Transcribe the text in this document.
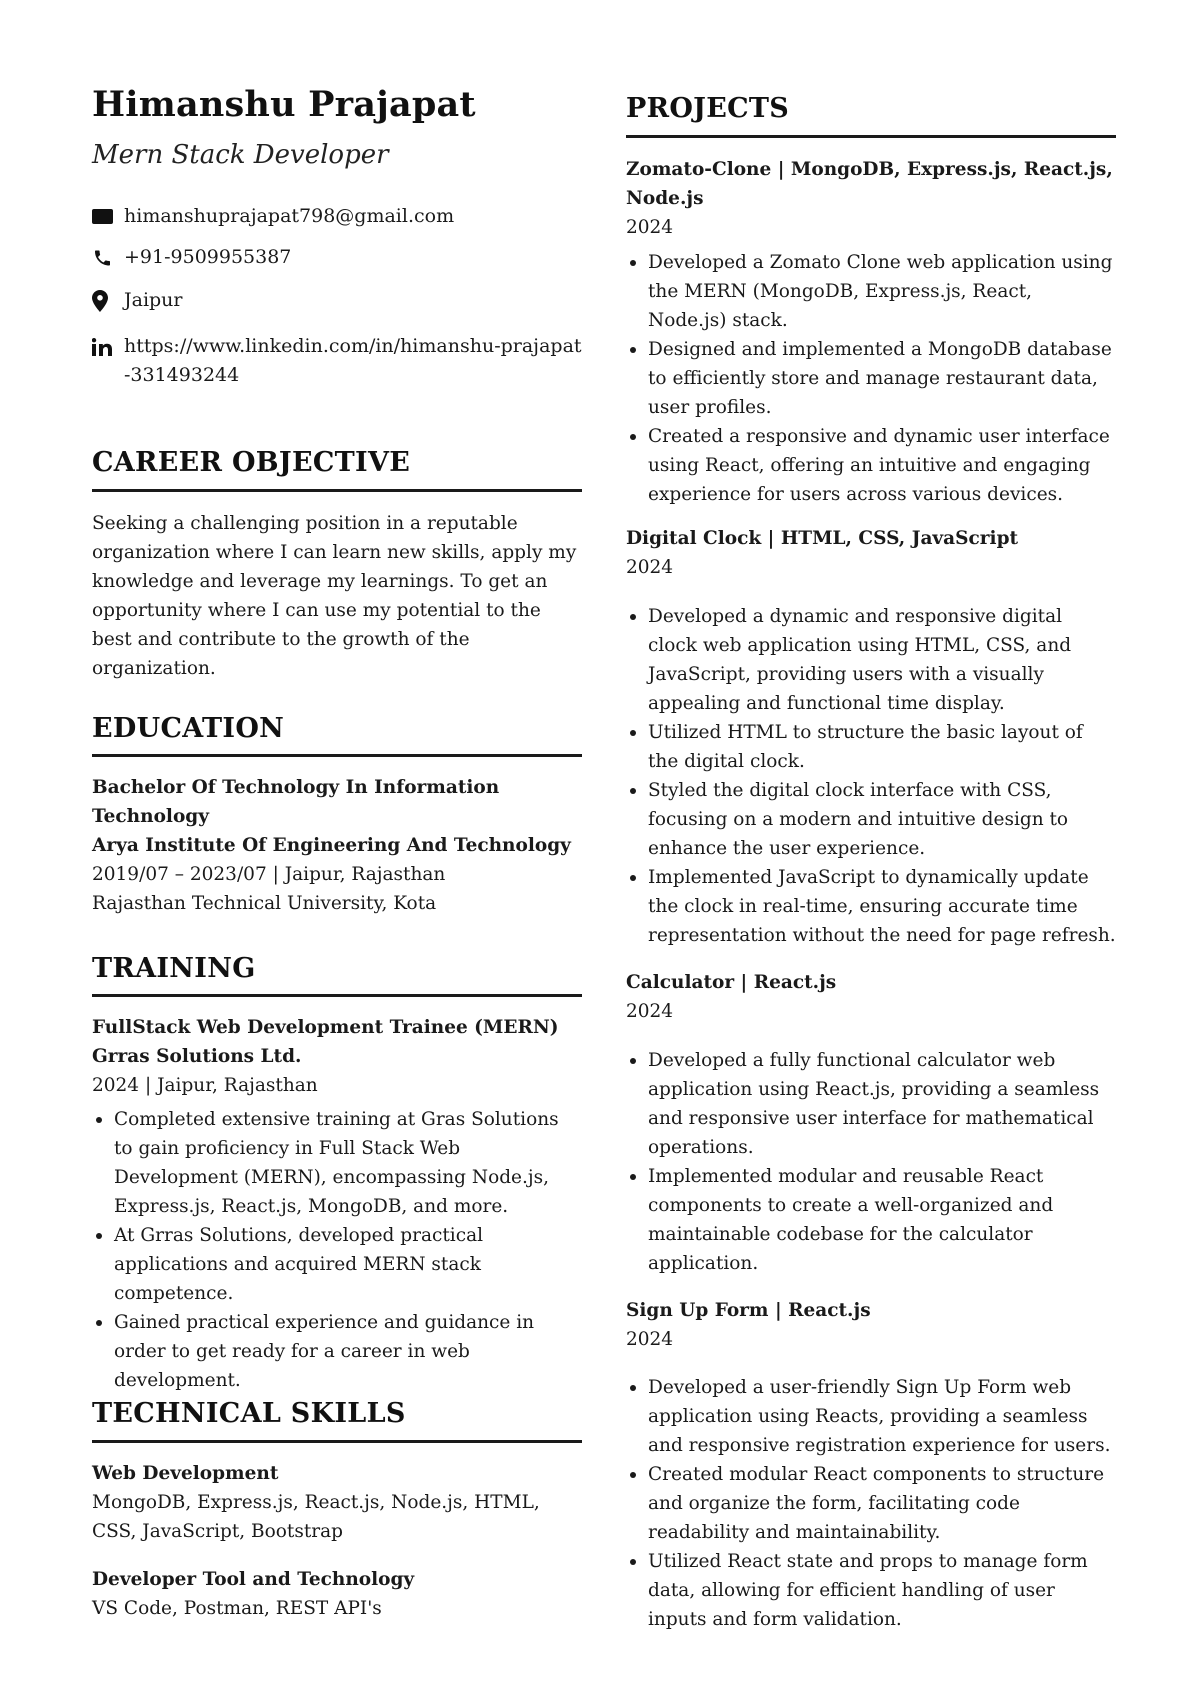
Himanshu Prajapat
Mern Stack Developer
himanshuprajapat798@gmail.com
+91-9509955387
Jaipur
https://www.linkedin.com/in/himanshu-prajapat-331493244
CAREER OBJECTIVE
Seeking a challenging position in a reputable organization where I can learn new skills, apply my knowledge and leverage my learnings. To get an opportunity where I can use my potential to the best and contribute to the growth of the organization.
EDUCATION
Bachelor Of Technology In Information Technology
Arya Institute Of Engineering And Technology
2019/07 – 2023/07 | Jaipur, Rajasthan
Rajasthan Technical University, Kota
TRAINING
FullStack Web Development Trainee (MERN)
Grras Solutions Ltd.
2024 | Jaipur, Rajasthan
Completed extensive training at Gras Solutions to gain proficiency in Full Stack Web Development (MERN), encompassing Node.js, Express.js, React.js, MongoDB, and more.
At Grras Solutions, developed practical applications and acquired MERN stack competence.
Gained practical experience and guidance in order to get ready for a career in web development.
TECHNICAL SKILLS
Web Development
MongoDB, Express.js, React.js, Node.js, HTML, CSS, JavaScript, Bootstrap
Developer Tool and Technology
VS Code, Postman, REST API's
PROJECTS
Zomato-Clone | MongoDB, Express.js, React.js, Node.js
2024
Developed a Zomato Clone web application using the MERN (MongoDB, Express.js, React, Node.js) stack.
Designed and implemented a MongoDB database to efficiently store and manage restaurant data, user profiles.
Created a responsive and dynamic user interface using React, offering an intuitive and engaging experience for users across various devices.
Digital Clock | HTML, CSS, JavaScript
2024
Developed a dynamic and responsive digital clock web application using HTML, CSS, and JavaScript, providing users with a visually appealing and functional time display.
Utilized HTML to structure the basic layout of the digital clock.
Styled the digital clock interface with CSS, focusing on a modern and intuitive design to enhance the user experience.
Implemented JavaScript to dynamically update the clock in real-time, ensuring accurate time representation without the need for page refresh.
Calculator | React.js
2024
Developed a fully functional calculator web application using React.js, providing a seamless and responsive user interface for mathematical operations.
Implemented modular and reusable React components to create a well-organized and maintainable codebase for the calculator application.
Sign Up Form | React.js
2024
Developed a user-friendly Sign Up Form web application using Reacts, providing a seamless and responsive registration experience for users.
Created modular React components to structure and organize the form, facilitating code readability and maintainability.
Utilized React state and props to manage form data, allowing for efficient handling of user inputs and form validation.
